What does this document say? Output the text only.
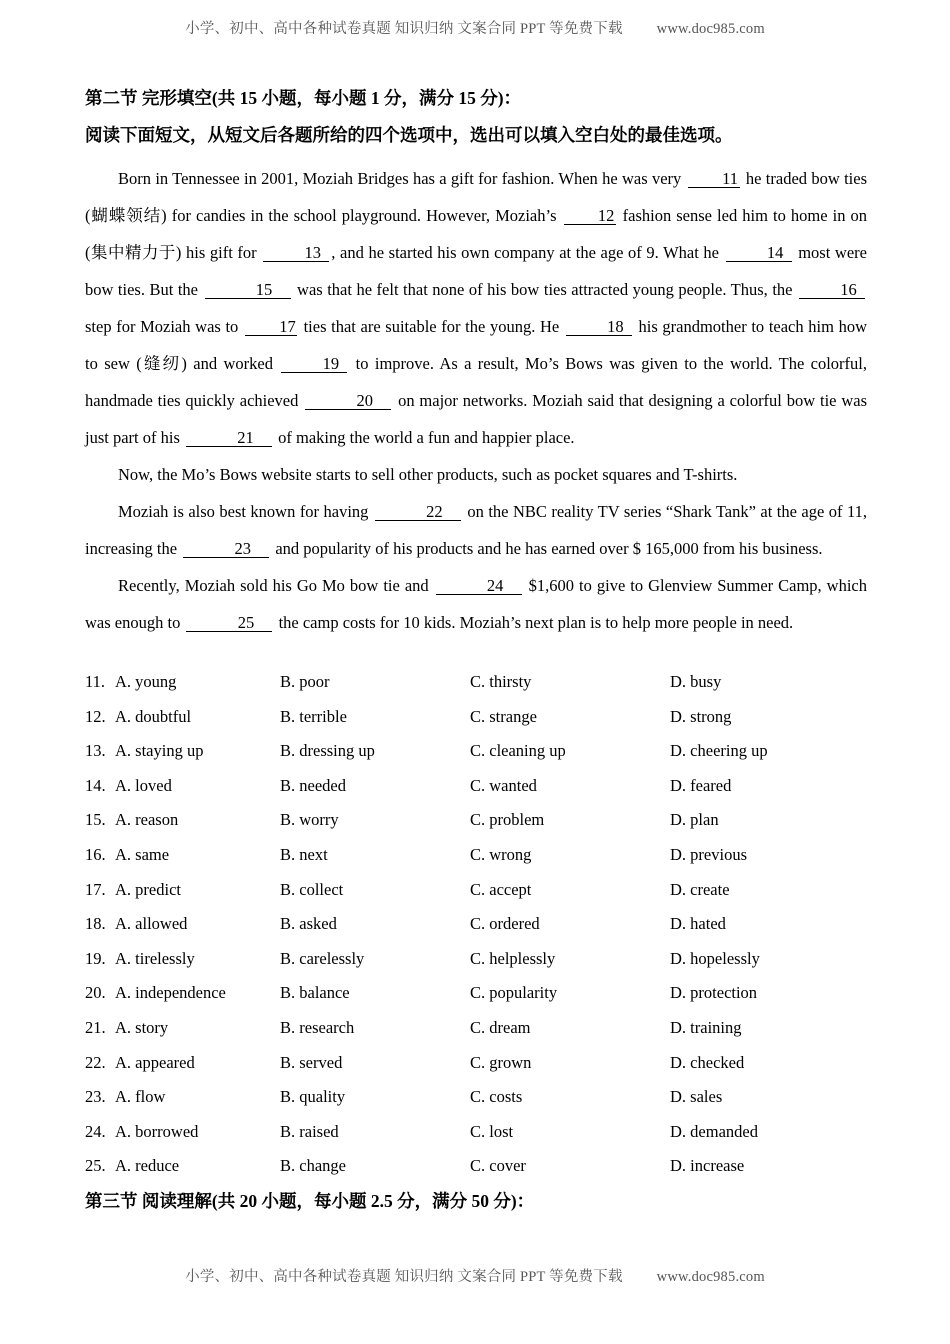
小学、初中、高中各种试卷真题 知识归纳 文案合同 PPT 等免费下载 www.doc985.com
第二节 完形填空(共 15 小题，每小题 1 分，满分 15 分)：
阅读下面短文，从短文后各题所给的四个选项中，选出可以填入空白处的最佳选项。

Born in Tennessee in 2001, Moziah Bridges has a gift for fashion. When he was very 11 he traded bow ties (蝴蝶领结) for candies in the school playground. However, Moziah’s 12 fashion sense led him to home in on (集中精力于) his gift for	13 , and he started his own company at the age of 9. What he	14 most were bow ties. But the	15 was that he felt that none of his bow ties attracted young people. Thus, the	16 step for Moziah was to 17 ties that are suitable for the young. He	18 his grandmother to teach him how to sew (缝纫) and worked	19 to improve. As a result, Mo’s Bows was given to the world. The colorful, handmade ties quickly achieved	20 on major networks. Moziah said that designing a colorful bow tie was just part of his	21 of making the world a fun and happier place.

Now, the Mo’s Bows website starts to sell other products, such as pocket squares and T-shirts.

Moziah is also best known for having	22 on the NBC reality TV series “Shark Tank” at the age of 11, increasing the	23 and popularity of his products and he has earned over $ 165,000 from his business.

Recently, Moziah sold his Go Mo bow tie and	24 $1,600 to give to Glenview Summer Camp, which was enough to	25 the camp costs for 10 kids. Moziah’s next plan is to help more people in need.

11. A. young	B. poor	C. thirsty	D. busy
12. A. doubtful	B. terrible	C. strange	D. strong
13. A. staying up	B. dressing up	C. cleaning up	D. cheering up
14. A. loved	B. needed	C. wanted	D. feared
15. A. reason	B. worry	C. problem	D. plan
16. A. same	B. next	C. wrong	D. previous
17. A. predict	B. collect	C. accept	D. create
18. A. allowed	B. asked	C. ordered	D. hated
19. A. tirelessly	B. carelessly	C. helplessly	D. hopelessly
20. A. independence	B. balance	C. popularity	D. protection
21. A. story	B. research	C. dream	D. training
22. A. appeared	B. served	C. grown	D. checked
23. A. flow	B. quality	C. costs	D. sales
24. A. borrowed	B. raised	C. lost	D. demanded
25. A. reduce	B. change	C. cover	D. increase
第三节 阅读理解(共 20 小题，每小题 2.5 分，满分 50 分)：
小学、初中、高中各种试卷真题 知识归纳 文案合同 PPT 等免费下载 www.doc985.com
